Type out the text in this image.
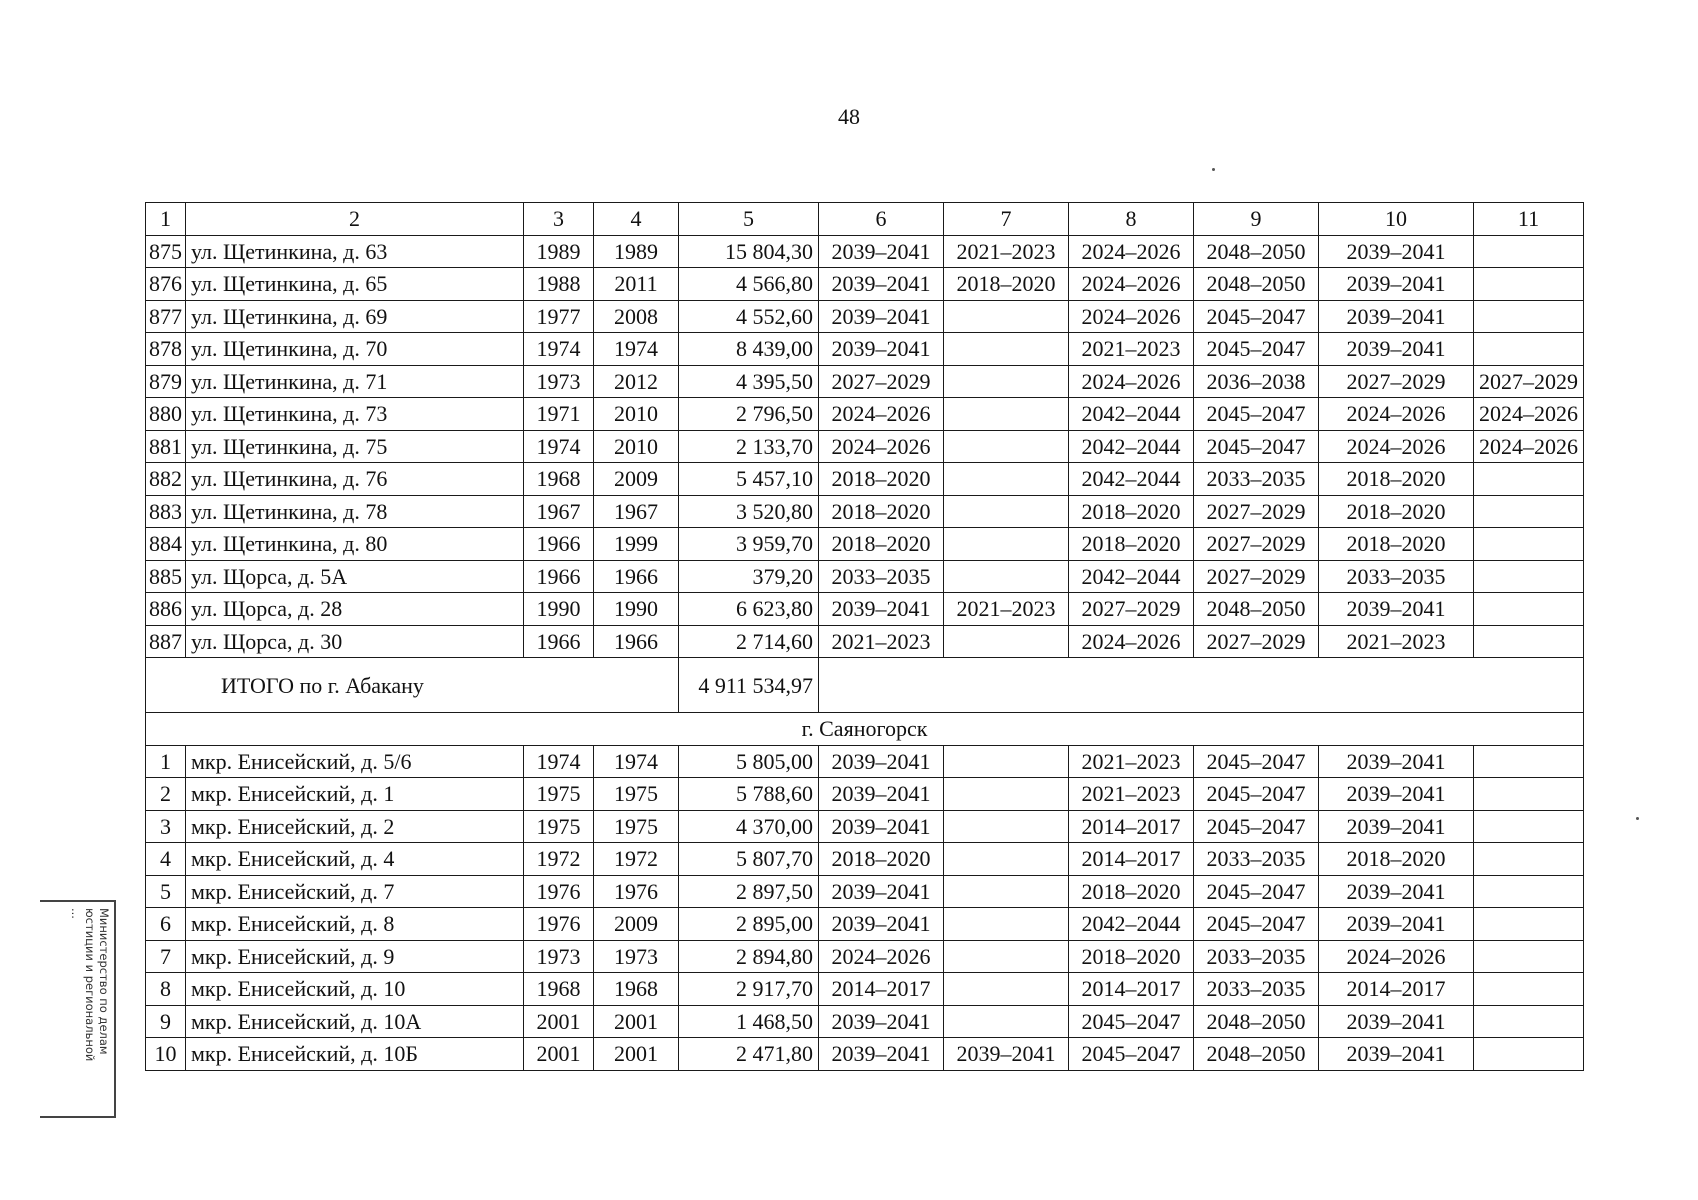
48
1	2	3	4	5	6	7	8	9	10	11
875	ул. Щетинкина, д. 63	1989	1989	15 804,30	2039–2041	2021–2023	2024–2026	2048–2050	2039–2041	
876	ул. Щетинкина, д. 65	1988	2011	4 566,80	2039–2041	2018–2020	2024–2026	2048–2050	2039–2041	
877	ул. Щетинкина, д. 69	1977	2008	4 552,60	2039–2041		2024–2026	2045–2047	2039–2041	
878	ул. Щетинкина, д. 70	1974	1974	8 439,00	2039–2041		2021–2023	2045–2047	2039–2041	
879	ул. Щетинкина, д. 71	1973	2012	4 395,50	2027–2029		2024–2026	2036–2038	2027–2029	2027–2029
880	ул. Щетинкина, д. 73	1971	2010	2 796,50	2024–2026		2042–2044	2045–2047	2024–2026	2024–2026
881	ул. Щетинкина, д. 75	1974	2010	2 133,70	2024–2026		2042–2044	2045–2047	2024–2026	2024–2026
882	ул. Щетинкина, д. 76	1968	2009	5 457,10	2018–2020		2042–2044	2033–2035	2018–2020	
883	ул. Щетинкина, д. 78	1967	1967	3 520,80	2018–2020		2018–2020	2027–2029	2018–2020	
884	ул. Щетинкина, д. 80	1966	1999	3 959,70	2018–2020		2018–2020	2027–2029	2018–2020	
885	ул. Щорса, д. 5А	1966	1966	379,20	2033–2035		2042–2044	2027–2029	2033–2035	
886	ул. Щорса, д. 28	1990	1990	6 623,80	2039–2041	2021–2023	2027–2029	2048–2050	2039–2041	
887	ул. Щорса, д. 30	1966	1966	2 714,60	2021–2023		2024–2026	2027–2029	2021–2023	
ИТОГО по г. Абакану				4 911 534,97						
г. Саяногорск										
1	мкр. Енисейский, д. 5/6	1974	1974	5 805,00	2039–2041		2021–2023	2045–2047	2039–2041	
2	мкр. Енисейский, д. 1	1975	1975	5 788,60	2039–2041		2021–2023	2045–2047	2039–2041	
3	мкр. Енисейский, д. 2	1975	1975	4 370,00	2039–2041		2014–2017	2045–2047	2039–2041	
4	мкр. Енисейский, д. 4	1972	1972	5 807,70	2018–2020		2014–2017	2033–2035	2018–2020	
5	мкр. Енисейский, д. 7	1976	1976	2 897,50	2039–2041		2018–2020	2045–2047	2039–2041	
6	мкр. Енисейский, д. 8	1976	2009	2 895,00	2039–2041		2042–2044	2045–2047	2039–2041	
7	мкр. Енисейский, д. 9	1973	1973	2 894,80	2024–2026		2018–2020	2033–2035	2024–2026	
8	мкр. Енисейский, д. 10	1968	1968	2 917,70	2014–2017		2014–2017	2033–2035	2014–2017	
9	мкр. Енисейский, д. 10А	2001	2001	1 468,50	2039–2041		2045–2047	2048–2050	2039–2041	
10	мкр. Енисейский, д. 10Б	2001	2001	2 471,80	2039–2041	2039–2041	2045–2047	2048–2050	2039–2041	
Министерство по делам
юстиции и региональной
...
